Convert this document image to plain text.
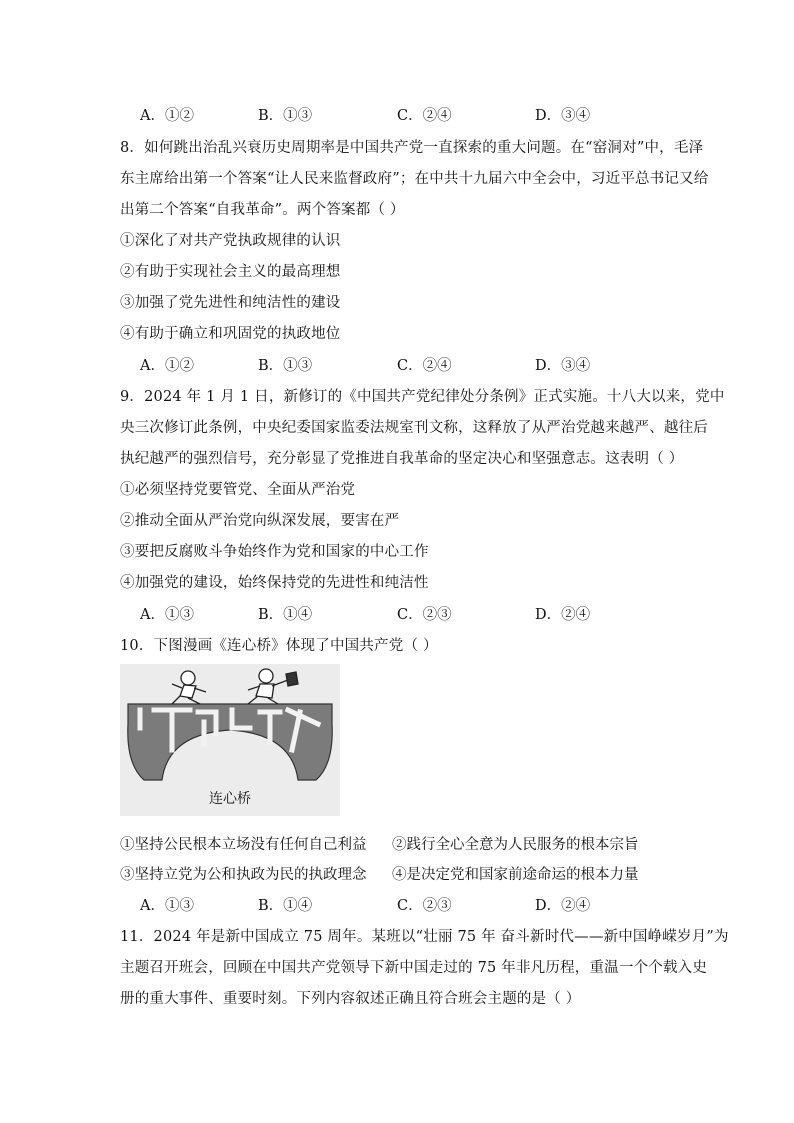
A．①②	B．①③	C．②④	D．③④
8．如何跳出治乱兴衰历史周期率是中国共产党一直探索的重大问题。在“窑洞对”中，毛泽
东主席给出第一个答案“让人民来监督政府”；在中共十九届六中全会中，习近平总书记又给
出第二个答案“自我革命”。两个答案都（ ）
①深化了对共产党执政规律的认识
②有助于实现社会主义的最高理想
③加强了党先进性和纯洁性的建设
④有助于确立和巩固党的执政地位
A．①②	B．①③	C．②④	D．③④
9．2024 年 1 月 1 日，新修订的《中国共产党纪律处分条例》正式实施。十八大以来，党中
央三次修订此条例，中央纪委国家监委法规室刊文称，这释放了从严治党越来越严、越往后
执纪越严的强烈信号，充分彰显了党推进自我革命的坚定决心和坚强意志。这表明（ ）
①必须坚持党要管党、全面从严治党
②推动全面从严治党向纵深发展，要害在严
③要把反腐败斗争始终作为党和国家的中心工作
④加强党的建设，始终保持党的先进性和纯洁性
A．①③	B．①④	C．②③	D．②④
10．下图漫画《连心桥》体现了中国共产党（ ）
连心桥
①坚持公民根本立场没有任何自己利益 ②践行全心全意为人民服务的根本宗旨
③坚持立党为公和执政为民的执政理念 ④是决定党和国家前途命运的根本力量
A．①③	B．①④	C．②③	D．②④
11．2024 年是新中国成立 75 周年。某班以“壮丽 75 年 奋斗新时代——新中国峥嵘岁月”为
主题召开班会，回顾在中国共产党领导下新中国走过的 75 年非凡历程，重温一个个载入史
册的重大事件、重要时刻。下列内容叙述正确且符合班会主题的是（ ）
